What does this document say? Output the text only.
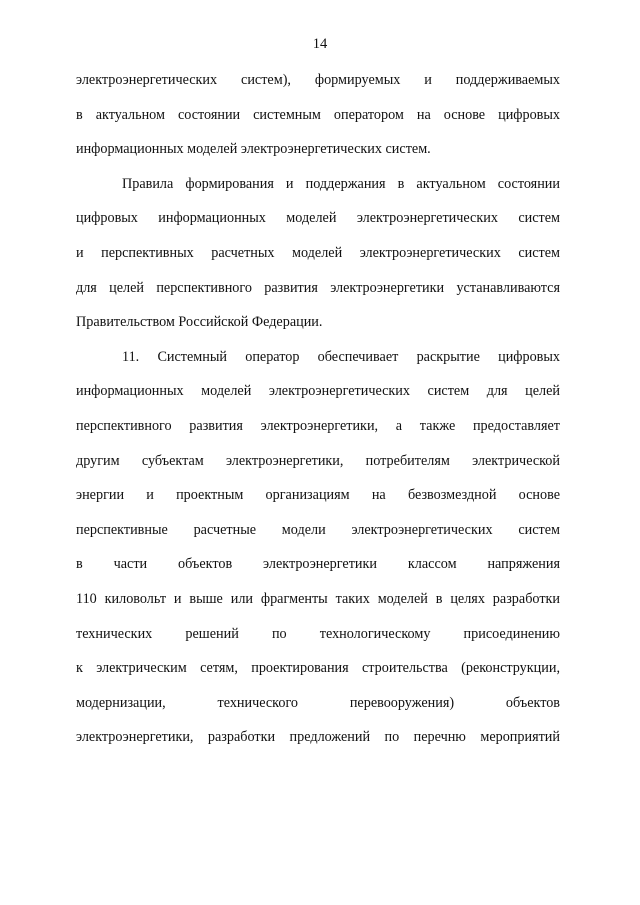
14
электроэнергетических систем), формируемых и поддерживаемых
в актуальном состоянии системным оператором на основе цифровых
информационных моделей электроэнергетических систем.
Правила формирования и поддержания в актуальном состоянии
цифровых информационных моделей электроэнергетических систем
и перспективных расчетных моделей электроэнергетических систем
для целей перспективного развития электроэнергетики устанавливаются
Правительством Российской Федерации.
11. Системный оператор обеспечивает раскрытие цифровых
информационных моделей электроэнергетических систем для целей
перспективного развития электроэнергетики, а также предоставляет
другим субъектам электроэнергетики, потребителям электрической
энергии и проектным организациям на безвозмездной основе
перспективные расчетные модели электроэнергетических систем
в части объектов электроэнергетики классом напряжения
110 киловольт и выше или фрагменты таких моделей в целях разработки
технических решений по технологическому присоединению
к электрическим сетям, проектирования строительства (реконструкции,
модернизации, технического перевооружения) объектов
электроэнергетики, разработки предложений по перечню мероприятий
